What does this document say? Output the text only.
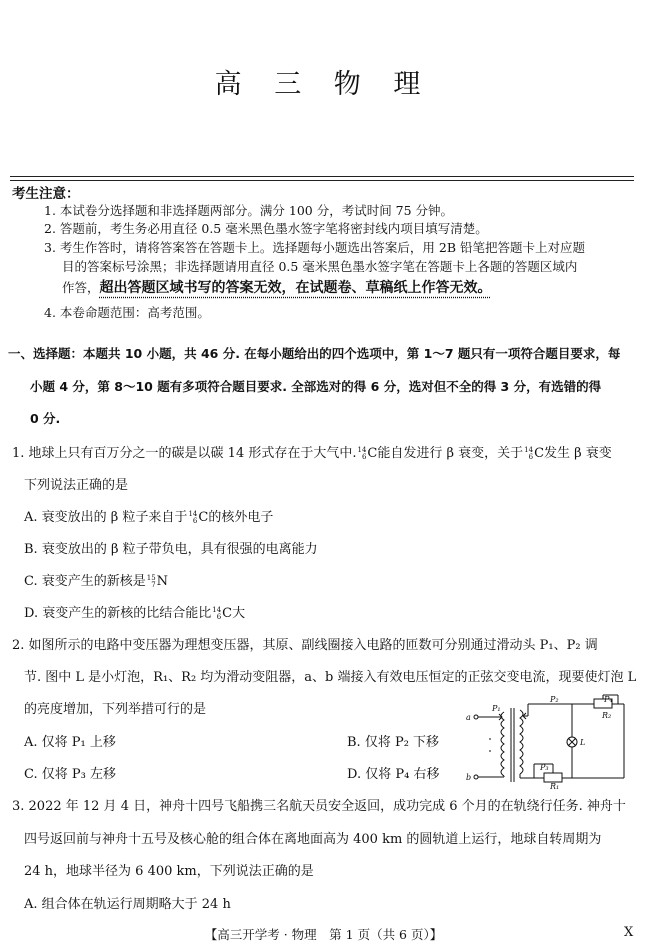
高 三 物 理
考生注意：
1. 本试卷分选择题和非选择题两部分。满分 100 分，考试时间 75 分钟。
2. 答题前，考生务必用直径 0.5 毫米黑色墨水签字笔将密封线内项目填写清楚。
3. 考生作答时，请将答案答在答题卡上。选择题每小题选出答案后，用 2B 铅笔把答题卡上对应题
目的答案标号涂黑；非选择题请用直径 0.5 毫米黑色墨水签字笔在答题卡上各题的答题区域内
作答，超出答题区域书写的答案无效，在试题卷、草稿纸上作答无效。
4. 本卷命题范围：高考范围。
一、选择题：本题共 10 小题，共 46 分. 在每小题给出的四个选项中，第 1～7 题只有一项符合题目要求，每
小题 4 分，第 8～10 题有多项符合题目要求. 全部选对的得 6 分，选对但不全的得 3 分，有选错的得
0 分.
1. 地球上只有百万分之一的碳是以碳 14 形式存在于大气中.14
6C能自发进行 β 衰变，关于14
6C发生 β 衰变
下列说法正确的是
A. 衰变放出的 β 粒子来自于14
6C的核外电子
B. 衰变放出的 β 粒子带负电，具有很强的电离能力
C. 衰变产生的新核是15
7N
D. 衰变产生的新核的比结合能比14
6C大
2. 如图所示的电路中变压器为理想变压器，其原、副线圈接入电路的匝数可分别通过滑动头 P₁、P₂ 调
节. 图中 L 是小灯泡，R₁、R₂ 均为滑动变阻器，a、b 端接入有效电压恒定的正弦交变电流，现要使灯泡 L
的亮度增加，下列举措可行的是
A. 仅将 P₁ 上移	B. 仅将 P₂ 下移
C. 仅将 P₃ 左移	D. 仅将 P₄ 右移
a
b
P₁
P₂
P₃
P₄
R₁
R₂
L
3. 2022 年 12 月 4 日，神舟十四号飞船携三名航天员安全返回，成功完成 6 个月的在轨绕行任务. 神舟十
四号返回前与神舟十五号及核心舱的组合体在离地面高为 400 km 的圆轨道上运行，地球自转周期为
24 h，地球半径为 6 400 km，下列说法正确的是
A. 组合体在轨运行周期略大于 24 h
【高三开学考 · 物理　第 1 页（共 6 页）】	X
